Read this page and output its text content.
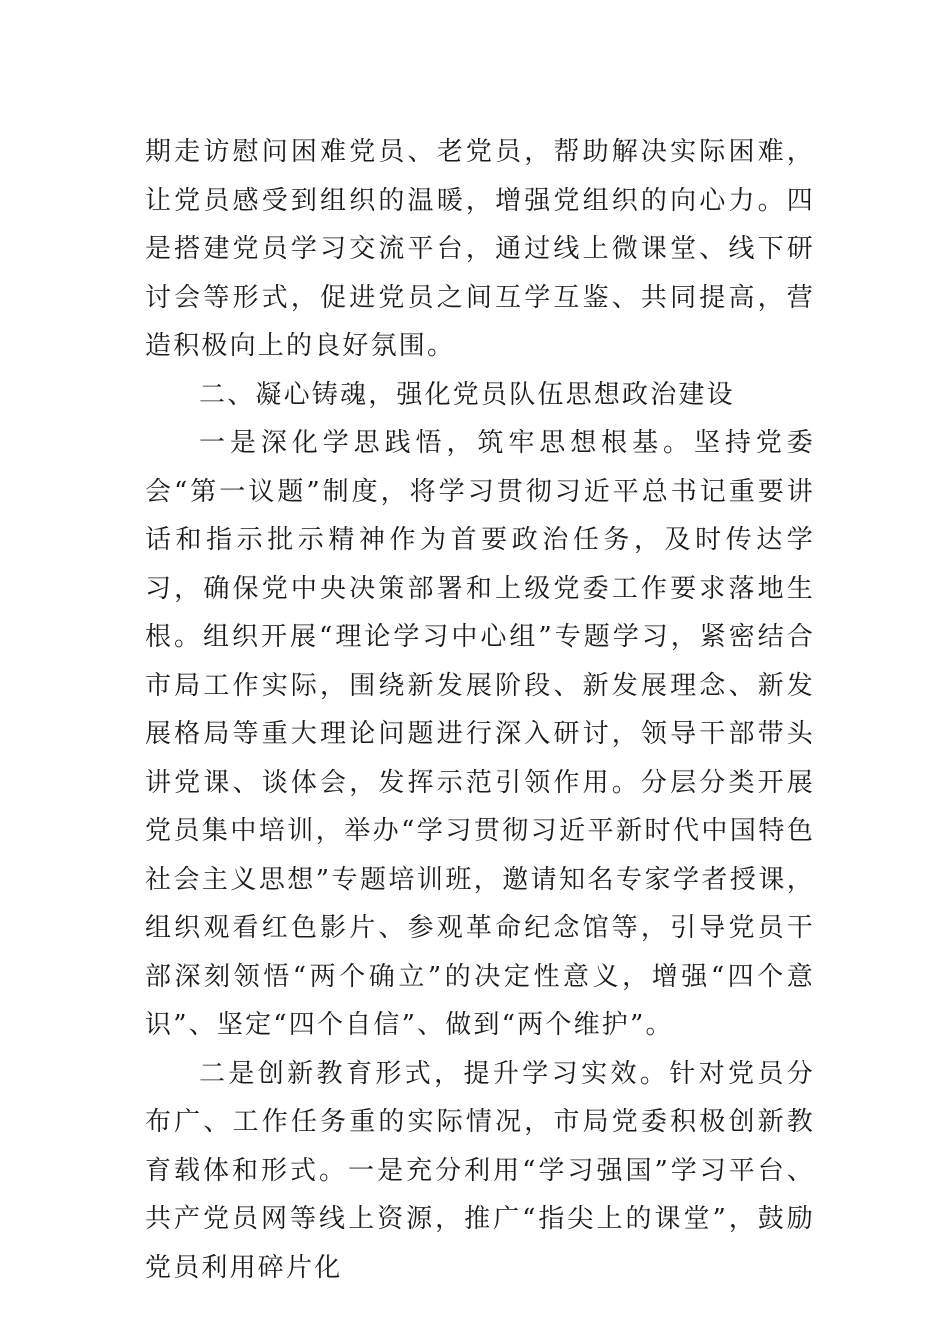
期走访慰问困难党员、老党员，帮助解决实际困难，让党员感受到组织的温暖，增强党组织的向心力。四是搭建党员学习交流平台，通过线上微课堂、线下研讨会等形式，促进党员之间互学互鉴、共同提高，营造积极向上的良好氛围。

二、凝心铸魂，强化党员队伍思想政治建设

一是深化学思践悟，筑牢思想根基。坚持党委会“第一议题”制度，将学习贯彻习近平总书记重要讲话和指示批示精神作为首要政治任务，及时传达学习，确保党中央决策部署和上级党委工作要求落地生根。组织开展“理论学习中心组”专题学习，紧密结合市局工作实际，围绕新发展阶段、新发展理念、新发展格局等重大理论问题进行深入研讨，领导干部带头讲党课、谈体会，发挥示范引领作用。分层分类开展党员集中培训，举办“学习贯彻习近平新时代中国特色社会主义思想”专题培训班，邀请知名专家学者授课，组织观看红色影片、参观革命纪念馆等，引导党员干部深刻领悟“两个确立”的决定性意义，增强“四个意识”、坚定“四个自信”、做到“两个维护”。

二是创新教育形式，提升学习实效。针对党员分布广、工作任务重的实际情况，市局党委积极创新教育载体和形式。一是充分利用“学习强国”学习平台、共产党员网等线上资源，推广“指尖上的课堂”，鼓励党员利用碎片化
